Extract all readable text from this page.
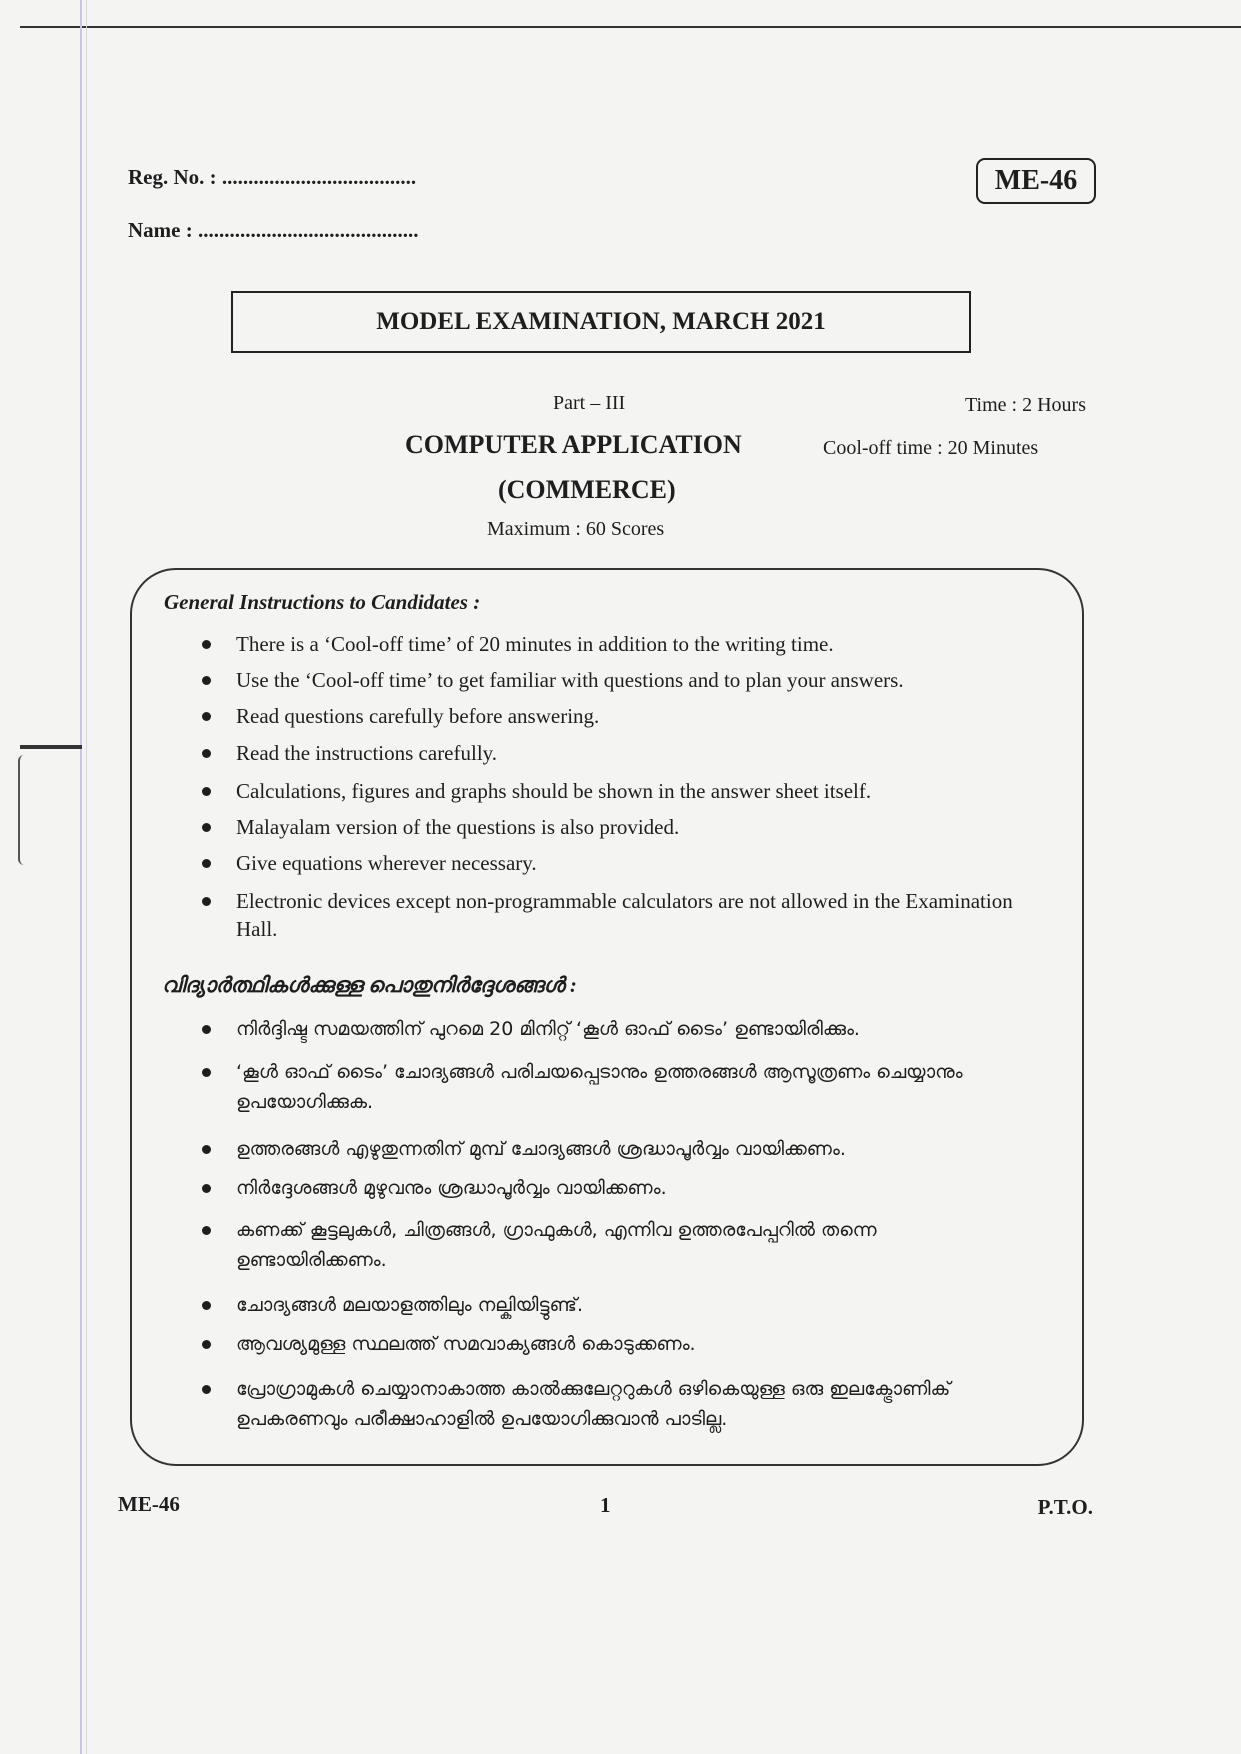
Reg. No. : .....................................
Name : ..........................................
ME-46
MODEL EXAMINATION, MARCH 2021
Part – III	Time : 2 Hours
COMPUTER APPLICATION	Cool-off time : 20 Minutes
(COMMERCE)
Maximum : 60 Scores
General Instructions to Candidates :
There is a ‘Cool-off time’ of 20 minutes in addition to the writing time.
Use the ‘Cool-off time’ to get familiar with questions and to plan your answers.
Read questions carefully before answering.
Read the instructions carefully.
Calculations, figures and graphs should be shown in the answer sheet itself.
Malayalam version of the questions is also provided.
Give equations wherever necessary.
Electronic devices except non-programmable calculators are not allowed in the Examination Hall.
വിദ്യാർത്ഥികൾക്കുള്ള പൊതുനിർദ്ദേശങ്ങൾ :
നിർദ്ദിഷ്ട സമയത്തിന് പുറമെ 20 മിനിറ്റ് ‘കൂൾ ഓഫ് ടൈം’ ഉണ്ടായിരിക്കും.
‘കൂൾ ഓഫ് ടൈം’ ചോദ്യങ്ങൾ പരിചയപ്പെടാനും ഉത്തരങ്ങൾ ആസൂത്രണം ചെയ്യാനും ഉപയോഗിക്കുക.
ഉത്തരങ്ങൾ എഴുതുന്നതിന് മുമ്പ് ചോദ്യങ്ങൾ ശ്രദ്ധാപൂർവ്വം വായിക്കണം.
നിർദ്ദേശങ്ങൾ മുഴുവനും ശ്രദ്ധാപൂർവ്വം വായിക്കണം.
കണക്ക് കൂട്ടലുകൾ, ചിത്രങ്ങൾ, ഗ്രാഫുകൾ, എന്നിവ ഉത്തരപേപ്പറിൽ തന്നെ ഉണ്ടായിരിക്കണം.
ചോദ്യങ്ങൾ മലയാളത്തിലും നല്കിയിട്ടുണ്ട്.
ആവശ്യമുള്ള സ്ഥലത്ത് സമവാക്യങ്ങൾ കൊടുക്കണം.
പ്രോഗ്രാമുകൾ ചെയ്യാനാകാത്ത കാൽക്കുലേറ്ററുകൾ ഒഴികെയുള്ള ഒരു ഇലക്ട്രോണിക് ഉപകരണവും പരീക്ഷാഹാളിൽ ഉപയോഗിക്കുവാൻ പാടില്ല.
ME-46	1	P.T.O.
